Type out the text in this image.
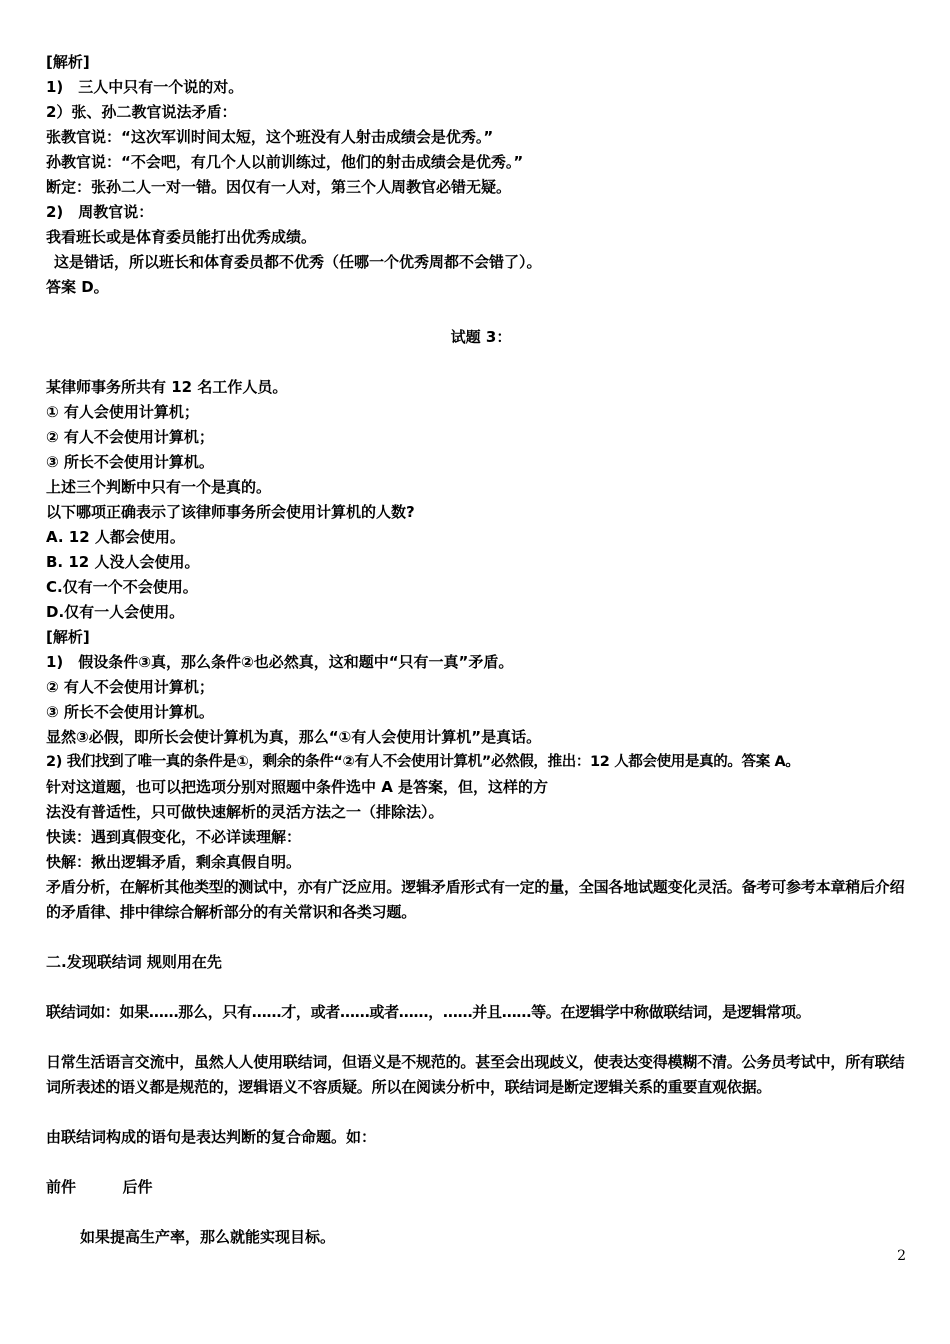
[解析]
1)　三人中只有一个说的对。
2）张、孙二教官说法矛盾：
张教官说：“这次军训时间太短，这个班没有人射击成绩会是优秀。”
孙教官说：“不会吧，有几个人以前训练过，他们的射击成绩会是优秀。”
断定：张孙二人一对一错。因仅有一人对，第三个人周教官必错无疑。
2)　周教官说：
我看班长或是体育委员能打出优秀成绩。
这是错话，所以班长和体育委员都不优秀（任哪一个优秀周都不会错了）。
答案 D。
试题 3：
某律师事务所共有 12 名工作人员。
① 有人会使用计算机；
② 有人不会使用计算机；
③ 所长不会使用计算机。
上述三个判断中只有一个是真的。
以下哪项正确表示了该律师事务所会使用计算机的人数?
A. 12 人都会使用。
B. 12 人没人会使用。
C.仅有一个不会使用。
D.仅有一人会使用。
[解析]
1)　假设条件③真，那么条件②也必然真，这和题中“只有一真”矛盾。
② 有人不会使用计算机；
③ 所长不会使用计算机。
显然③必假，即所长会使计算机为真，那么“①有人会使用计算机”是真话。
2) 我们找到了唯一真的条件是①，剩余的条件“②有人不会使用计算机”必然假，推出：12 人都会使用是真的。答案 A。
针对这道题，也可以把选项分别对照题中条件选中 A 是答案，但，这样的方
法没有普适性，只可做快速解析的灵活方法之一（排除法）。
快读：遇到真假变化，不必详读理解：
快解：揪出逻辑矛盾，剩余真假自明。
矛盾分析，在解析其他类型的测试中，亦有广泛应用。逻辑矛盾形式有一定的量，全国各地试题变化灵活。备考可参考本章稍后介绍的矛盾律、排中律综合解析部分的有关常识和各类习题。
二.发现联结词 规则用在先
联结词如：如果……那么，只有……才，或者……或者……，……并且……等。在逻辑学中称做联结词，是逻辑常项。
日常生活语言交流中，虽然人人使用联结词，但语义是不规范的。甚至会出现歧义，使表达变得模糊不清。公务员考试中，所有联结词所表述的语义都是规范的，逻辑语义不容质疑。所以在阅读分析中，联结词是断定逻辑关系的重要直观依据。
由联结词构成的语句是表达判断的复合命题。如：
前件	后件
如果提高生产率，那么就能实现目标。
2
